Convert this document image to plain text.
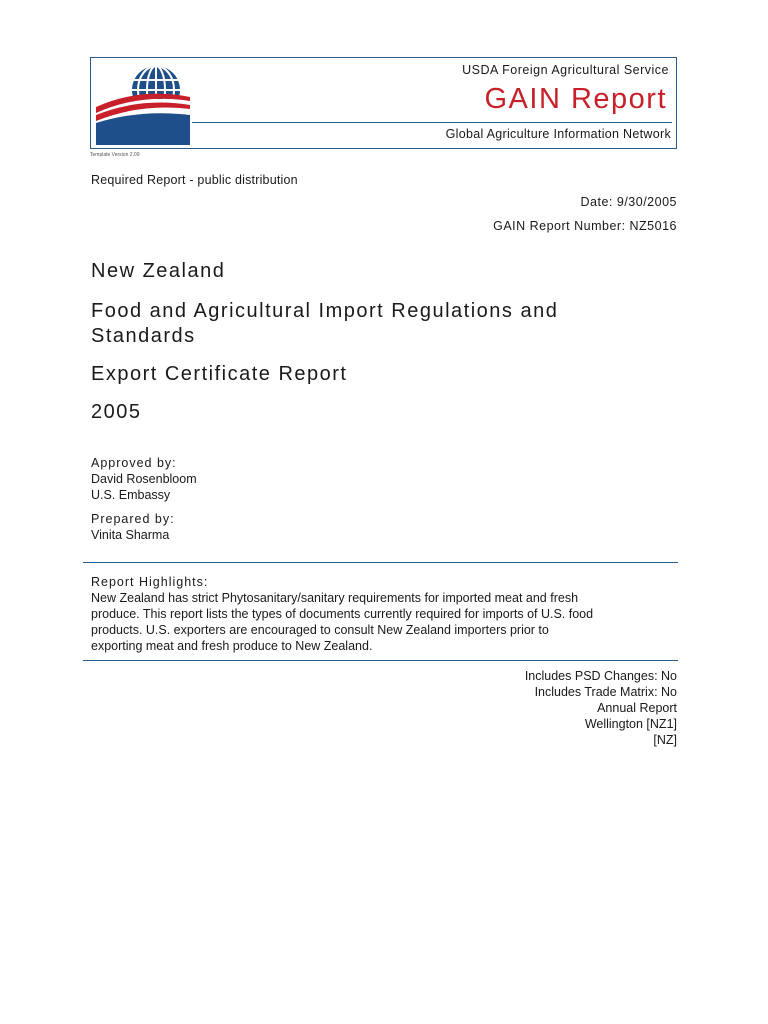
USDA Foreign Agricultural Service
GAIN Report
Global Agriculture Information Network
Template Version 2.09
Required Report - public distribution
Date: 9/30/2005
GAIN Report Number: NZ5016
New Zealand
Food and Agricultural Import Regulations and Standards
Export Certificate Report
2005
Approved by:
David Rosenbloom
U.S. Embassy
Prepared by:
Vinita Sharma
Report Highlights:
New Zealand has strict Phytosanitary/sanitary requirements for imported meat and fresh
produce. This report lists the types of documents currently required for imports of U.S. food
products. U.S. exporters are encouraged to consult New Zealand importers prior to
exporting meat and fresh produce to New Zealand.
Includes PSD Changes: No
Includes Trade Matrix: No
Annual Report
Wellington [NZ1]
[NZ]
